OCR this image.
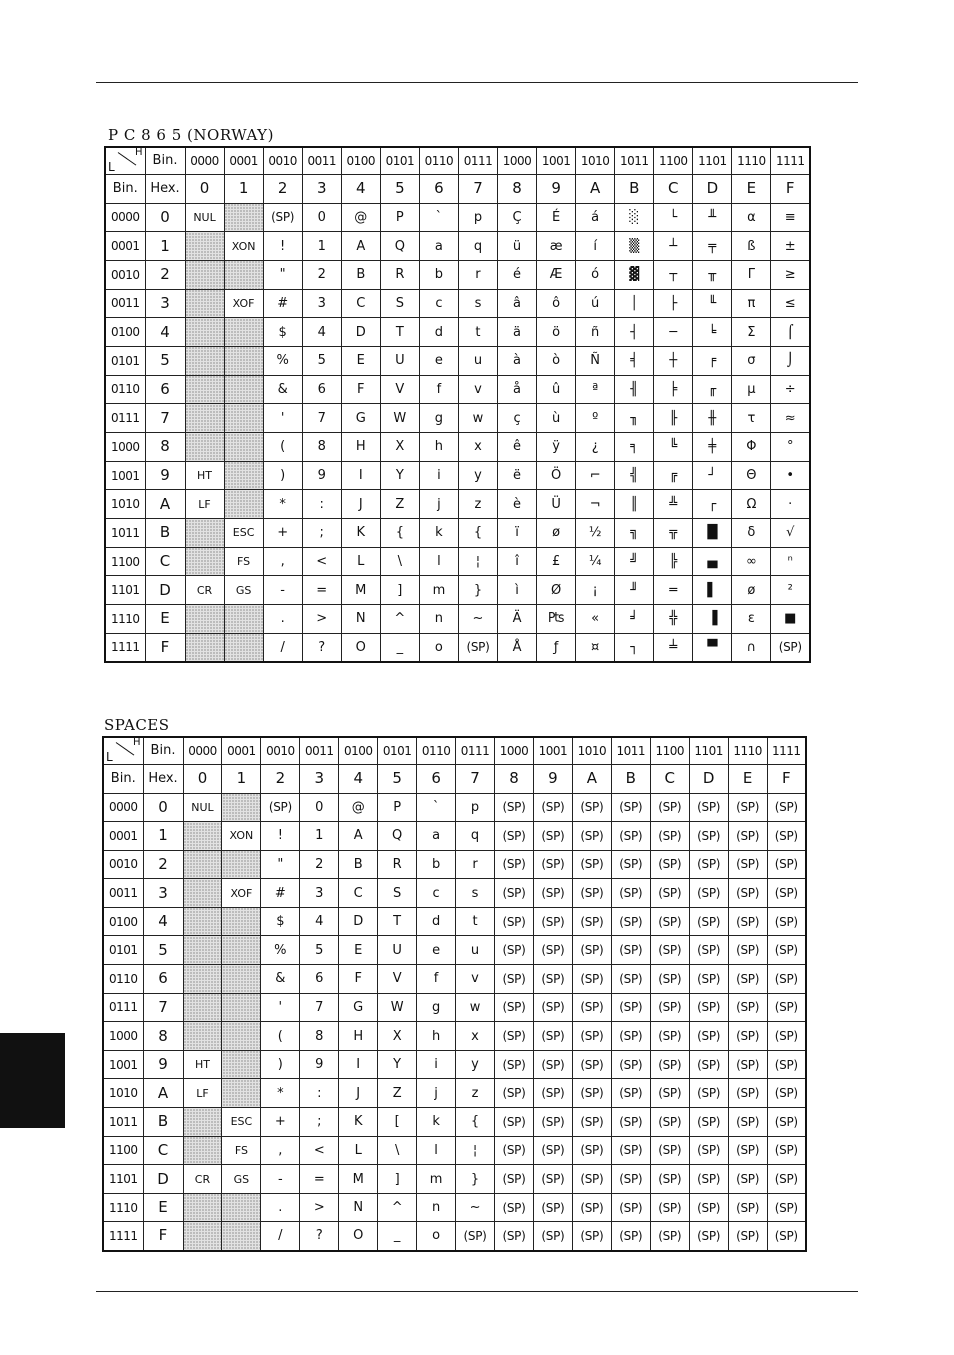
P C 8 6 5 (NORWAY)
L
H	Bin.	0000	0001	0010	0011	0100	0101	0110	0111	1000	1001	1010	1011	1100	1101	1110	1111
Bin.	Hex.	0	1	2	3	4	5	6	7	8	9	A	B	C	D	E	F
0000	0	NUL		(SP)	0	@	P	`	p	Ç	É	á	░	└	╨	α	≡
0001	1		XON	!	1	A	Q	a	q	ü	æ	í	▒	┴	╤	ß	±
0010	2			"	2	B	R	b	r	é	Æ	ó	▓	┬	╥	Γ	≥
0011	3		XOF	#	3	C	S	c	s	â	ô	ú	│	├	╙	π	≤
0100	4			$	4	D	T	d	t	ä	ö	ñ	┤	─	╘	Σ	⌠
0101	5			%	5	E	U	e	u	à	ò	Ñ	╡	┼	╒	σ	⌡
0110	6			&	6	F	V	f	v	å	û	ª	╢	╞	╓	μ	÷
0111	7			'	7	G	W	g	w	ç	ù	º	╖	╟	╫	τ	≈
1000	8			(	8	H	X	h	x	ê	ÿ	¿	╕	╚	╪	Φ	°
1001	9	HT		)	9	I	Y	i	y	ë	Ö	⌐	╣	╔	┘	Θ	•
1010	A	LF		*	:	J	Z	j	z	è	Ü	¬	║	╩	┌	Ω	·
1011	B		ESC	+	;	K	{	k	{	ï	ø	½	╗	╦	█	δ	√
1100	C		FS	,	<	L	\	l	¦	î	£	¼	╝	╠	▄	∞	ⁿ
1101	D	CR	GS	-	=	M	]	m	}	ì	Ø	¡	╜	═	▌	ø	²
1110	E			.	>	N	^	n	~	Ä	₧	«	╛	╬	▐	ε	■
1111	F			/	?	O	_	o	(SP)	Å	ƒ	¤	┐	╧	▀	∩	(SP)
SPACES
L
H	Bin.	0000	0001	0010	0011	0100	0101	0110	0111	1000	1001	1010	1011	1100	1101	1110	1111
Bin.	Hex.	0	1	2	3	4	5	6	7	8	9	A	B	C	D	E	F
0000	0	NUL		(SP)	0	@	P	`	p	(SP)	(SP)	(SP)	(SP)	(SP)	(SP)	(SP)	(SP)
0001	1		XON	!	1	A	Q	a	q	(SP)	(SP)	(SP)	(SP)	(SP)	(SP)	(SP)	(SP)
0010	2			"	2	B	R	b	r	(SP)	(SP)	(SP)	(SP)	(SP)	(SP)	(SP)	(SP)
0011	3		XOF	#	3	C	S	c	s	(SP)	(SP)	(SP)	(SP)	(SP)	(SP)	(SP)	(SP)
0100	4			$	4	D	T	d	t	(SP)	(SP)	(SP)	(SP)	(SP)	(SP)	(SP)	(SP)
0101	5			%	5	E	U	e	u	(SP)	(SP)	(SP)	(SP)	(SP)	(SP)	(SP)	(SP)
0110	6			&	6	F	V	f	v	(SP)	(SP)	(SP)	(SP)	(SP)	(SP)	(SP)	(SP)
0111	7			'	7	G	W	g	w	(SP)	(SP)	(SP)	(SP)	(SP)	(SP)	(SP)	(SP)
1000	8			(	8	H	X	h	x	(SP)	(SP)	(SP)	(SP)	(SP)	(SP)	(SP)	(SP)
1001	9	HT		)	9	I	Y	i	y	(SP)	(SP)	(SP)	(SP)	(SP)	(SP)	(SP)	(SP)
1010	A	LF		*	:	J	Z	j	z	(SP)	(SP)	(SP)	(SP)	(SP)	(SP)	(SP)	(SP)
1011	B		ESC	+	;	K	[	k	{	(SP)	(SP)	(SP)	(SP)	(SP)	(SP)	(SP)	(SP)
1100	C		FS	,	<	L	\	l	¦	(SP)	(SP)	(SP)	(SP)	(SP)	(SP)	(SP)	(SP)
1101	D	CR	GS	-	=	M	]	m	}	(SP)	(SP)	(SP)	(SP)	(SP)	(SP)	(SP)	(SP)
1110	E			.	>	N	^	n	~	(SP)	(SP)	(SP)	(SP)	(SP)	(SP)	(SP)	(SP)
1111	F			/	?	O	_	o	(SP)	(SP)	(SP)	(SP)	(SP)	(SP)	(SP)	(SP)	(SP)
